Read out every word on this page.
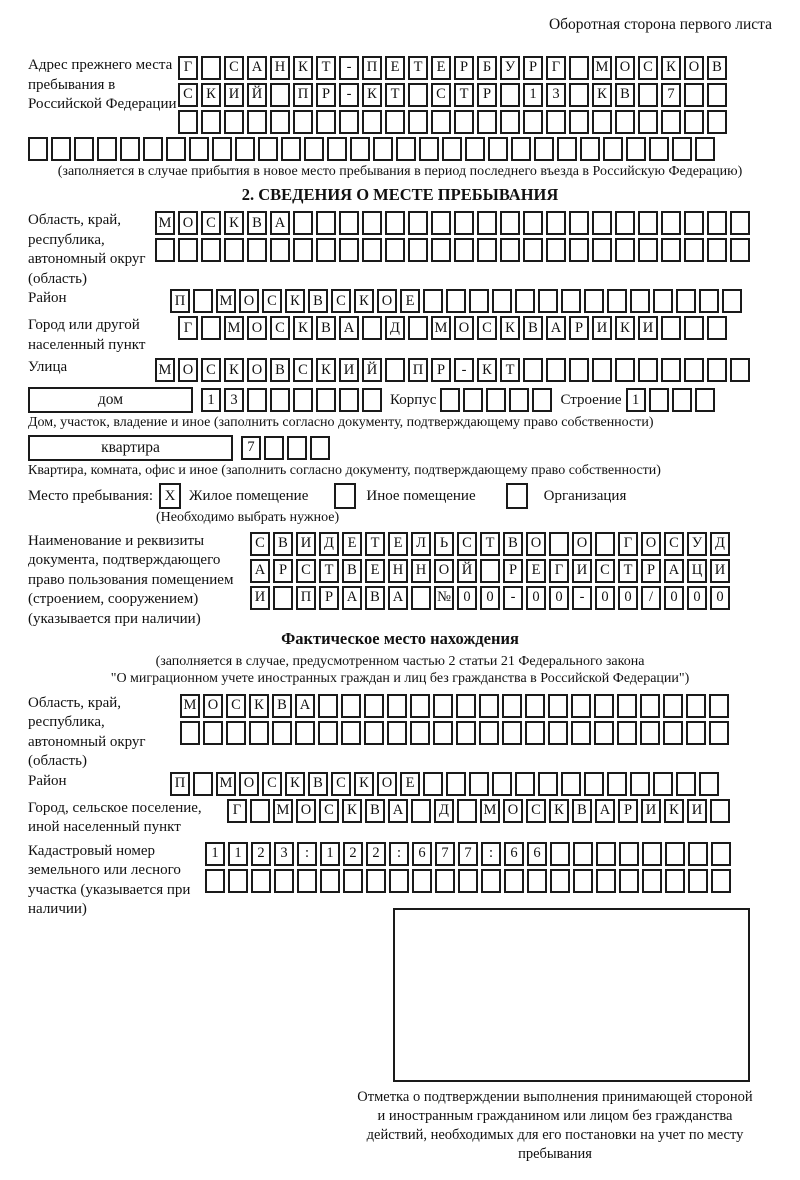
Оборотная сторона первого листа
Адрес прежнего места пребывания в Российской Федерации
Г	С А Н К Т	-	П Е Т Е	Р	Б У Р	Г	М О С К О В
С К И Й	П Р	-	К Т	С Т	Р	1	3	К В	7
(заполняется в случае прибытия в новое место пребывания в период последнего въезда в Российскую Федерацию)
2. СВЕДЕНИЯ О МЕСТЕ ПРЕБЫВАНИЯ
Область, край, республика, автономный округ (область)
М О С К В А
Район	П	М О С К В С К О Е
Город или другой населенный пункт
Г	М О С К В А	Д	М О С К В А Р И К И
Улица	М О С К О В С К И Й	П Р	-	К Т
дом	1	3	Корпус	Строение 1
Дом, участок, владение и иное (заполнить согласно документу, подтверждающему право собственности)
квартира	7
Квартира, комната, офис и иное (заполнить согласно документу, подтверждающему право собственности)
Место пребывания: X Жилое помещение	Иное помещение	Организация
(Необходимо выбрать нужное)
Наименование и реквизиты документа, подтверждающего право пользования помещением (строением, сооружением) (указывается при наличии)
С В И Д Е Т Е Л Ь С Т В О	О	Г О С У Д
А Р С Т В Е Н Н О Й	Р	Е Г И С Т	Р А Ц И
И	П Р А В А	№ 0	0	-	0	0	-	0	0	/	0	0	0
Фактическое место нахождения
(заполняется в случае, предусмотренном частью 2 статьи 21 Федерального закона
"О миграционном учете иностранных граждан и лиц без гражданства в Российской Федерации")
Область, край, республика, автономный округ (область)
М О С К В А
Район	П	М О С К В С К О Е
Город, сельское поселение, иной населенный пункт
Г	М О С К В А	Д	М О С К В А Р И К И
Кадастровый номер земельного или лесного участка (указывается при наличии)
1	1	2	3	:	1	2	2	:	6	7	7	:	6	6
Отметка о подтверждении выполнения принимающей стороной и иностранным гражданином или лицом без гражданства действий, необходимых для его постановки на учет по месту пребывания
